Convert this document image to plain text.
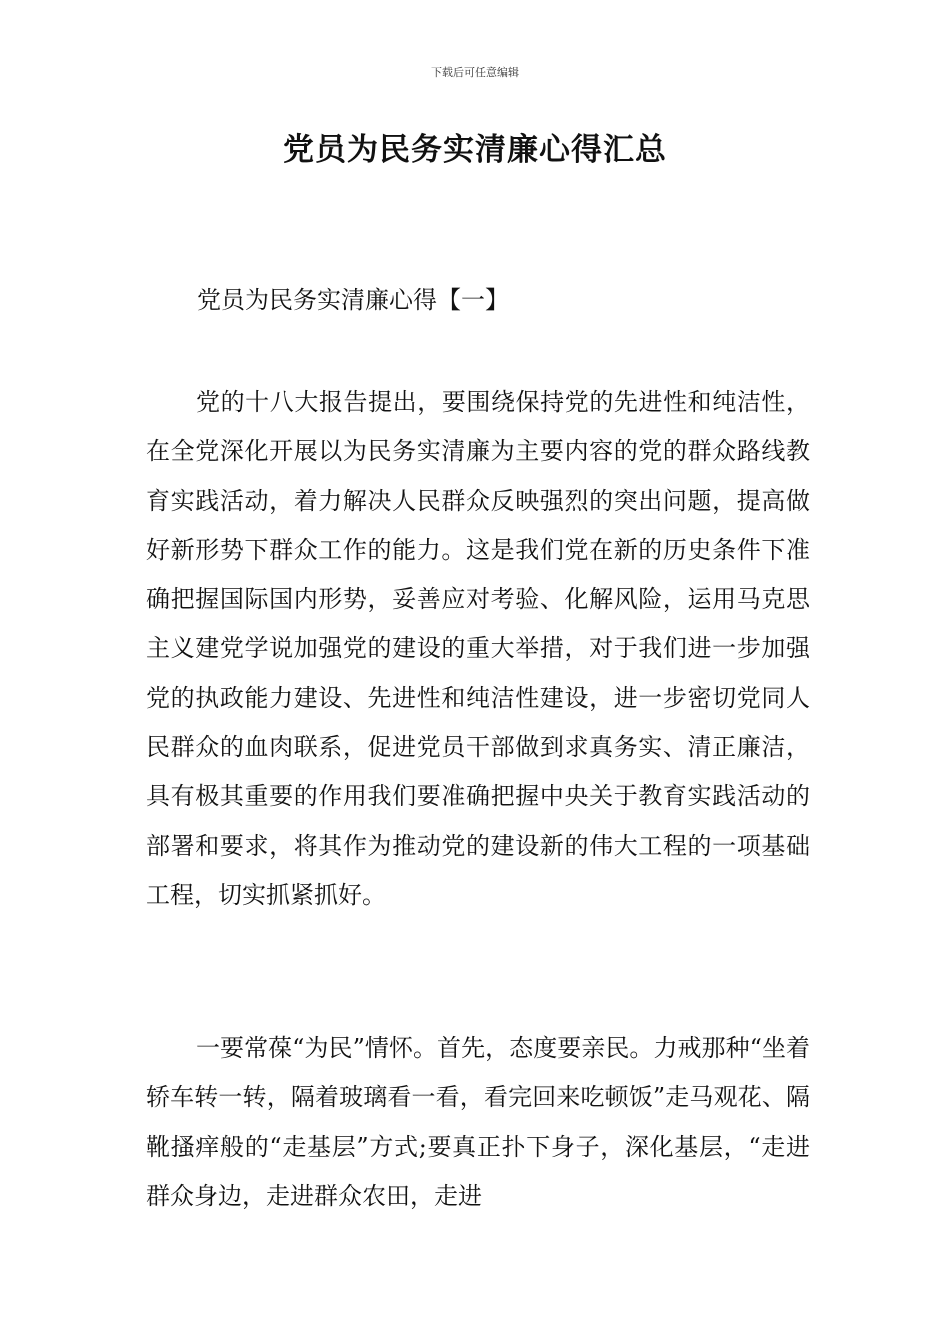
下载后可任意编辑
党员为民务实清廉心得汇总
党员为民务实清廉心得【一】

党的十八大报告提出，要围绕保持党的先进性和纯洁性，在全党深化开展以为民务实清廉为主要内容的党的群众路线教育实践活动，着力解决人民群众反映强烈的突出问题，提高做好新形势下群众工作的能力。这是我们党在新的历史条件下准确把握国际国内形势，妥善应对考验、化解风险，运用马克思主义建党学说加强党的建设的重大举措，对于我们进一步加强党的执政能力建设、先进性和纯洁性建设，进一步密切党同人民群众的血肉联系，促进党员干部做到求真务实、清正廉洁，具有极其重要的作用我们要准确把握中央关于教育实践活动的部署和要求，将其作为推动党的建设新的伟大工程的一项基础工程，切实抓紧抓好。

一要常葆“为民”情怀。首先，态度要亲民。力戒那种“坐着轿车转一转，隔着玻璃看一看，看完回来吃顿饭”走马观花、隔靴搔痒般的“走基层”方式;要真正扑下身子，深化基层，“走进群众身边，走进群众农田，走进
